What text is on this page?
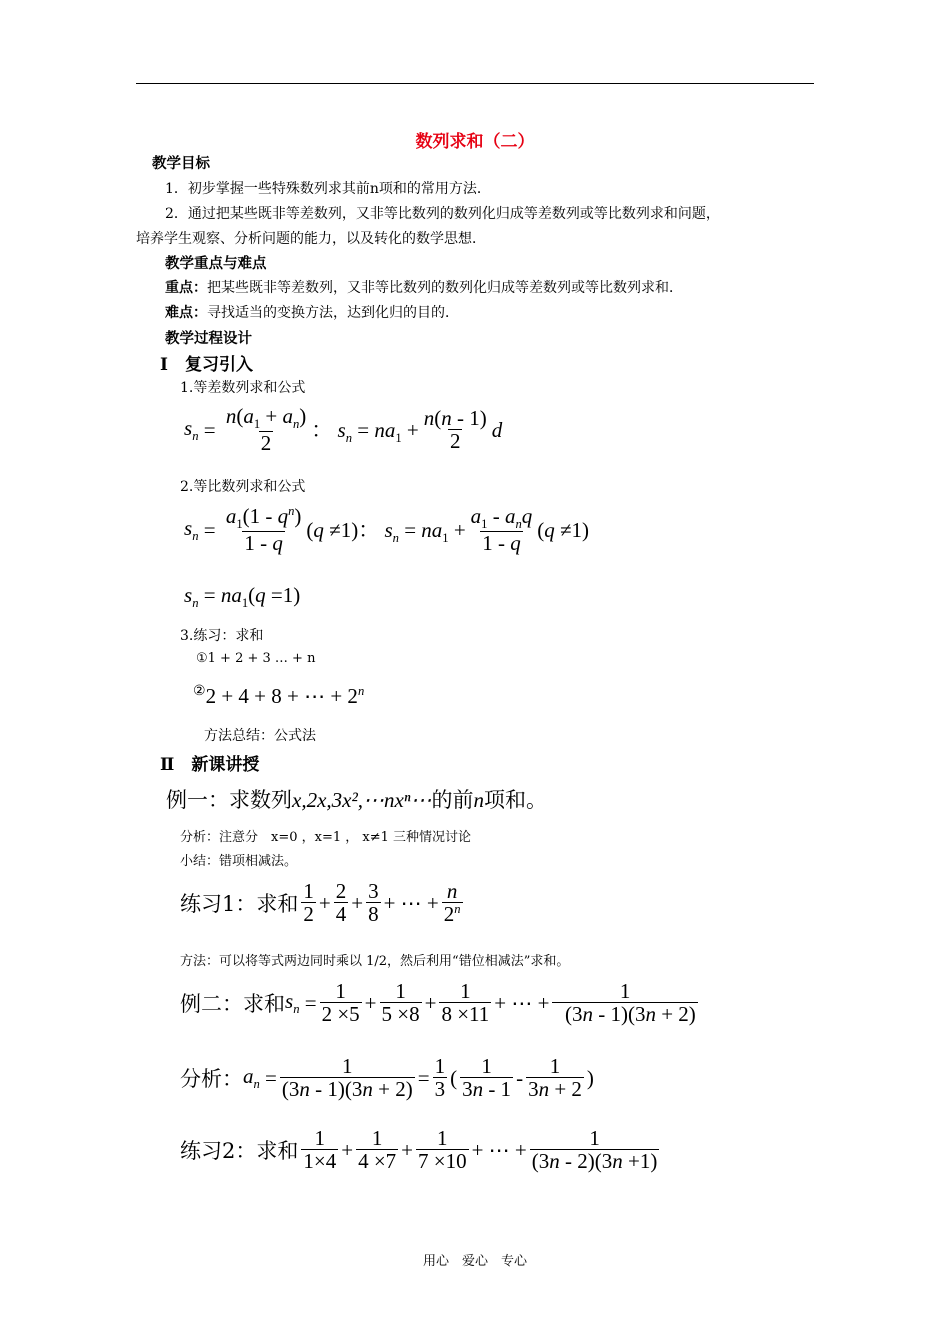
数列求和（二）
教学目标
1．初步掌握一些特殊数列求其前n项和的常用方法．
2．通过把某些既非等差数列，又非等比数列的数列化归成等差数列或等比数列求和问题，
培养学生观察、分析问题的能力，以及转化的数学思想．
教学重点与难点
重点：把某些既非等差数列，又非等比数列的数列化归成等差数列或等比数列求和．
难点：寻找适当的变换方法，达到化归的目的．
教学过程设计
Ⅰ　复习引入
1.等差数列求和公式
$s_n = \frac{n(a_1 + a_n)}{2}$ ： $s_n = na_1 + \frac{n(n - 1)}{2}$ d
2.等比数列求和公式
$s_n = \frac{a_1(1 - q^n)}{1 - q} (q \ne 1)$： $s_n = na_1 + \frac{a_1 - a_nq}{1 - q} (q \ne 1)$
$s_n = na_1(q =1)$
3.练习：求和
①1 + 2 + 3 … + n
②2 + 4 + 8 + ⋯ + $2^n$
方法总结：公式法
Ⅱ　新课讲授
例一：求数列x,2x,3x²,⋯nxⁿ⋯的前n项和。
分析：注意分　x=0 ，x=1 ， x≠1 三种情况讨论
小结：错项相减法。
练习1：求和 $\frac{1}{2} + \frac{2}{4} + \frac{3}{8}$ + ⋯ + $\frac{n}{2^n}$
方法：可以将等式两边同时乘以 1/2，然后利用“错位相减法”求和。
例二：求和 $s_n = \frac{1}{2 \times 5} + \frac{1}{5 \times 8} + \frac{1}{8 \times 11}$ + ⋯ + $\frac{1}{(3n - 1)(3n + 2)}$
分析： $a_n = \frac{1}{(3n - 1)(3n + 2)} = \frac{1}{3}$ ( $\frac{1}{3n - 1} - \frac{1}{3n + 2}$ )
练习2：求和 $\frac{1}{1\times 4} + \frac{1}{4 \times 7} + \frac{1}{7 \times 10}$ + ⋯ + $\frac{1}{(3n - 2)(3n +1)}$
用心　爱心　专心
